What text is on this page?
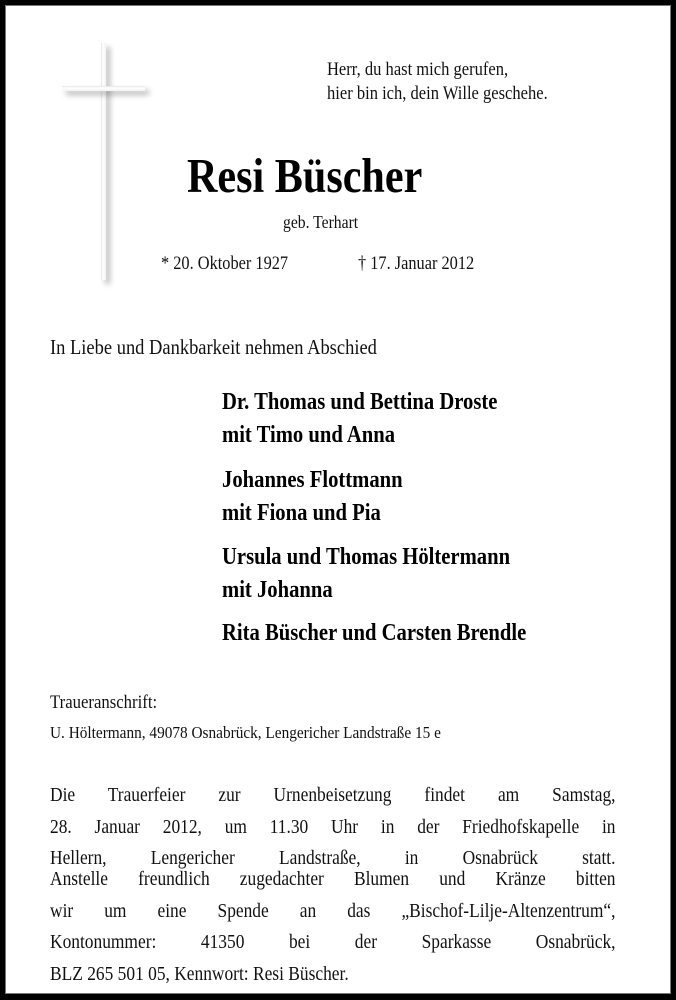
Herr, du hast mich gerufen,
hier bin ich, dein Wille geschehe.
Resi Büscher
geb. Terhart
* 20. Oktober 1927	† 17. Januar 2012
In Liebe und Dankbarkeit nehmen Abschied
Dr. Thomas und Bettina Droste
mit Timo und Anna
Johannes Flottmann
mit Fiona und Pia
Ursula und Thomas Höltermann
mit Johanna
Rita Büscher und Carsten Brendle
Traueranschrift:
U. Höltermann, 49078 Osnabrück, Lengericher Landstraße 15 e
Die Trauerfeier zur Urnenbeisetzung findet am Samstag,
28. Januar 2012, um 11.30 Uhr in der Friedhofskapelle in
Hellern, Lengericher Landstraße, in Osnabrück statt.
Anstelle freundlich zugedachter Blumen und Kränze bitten
wir um eine Spende an das „Bischof-Lilje-Altenzentrum“,
Kontonummer: 41350 bei der Sparkasse Osnabrück,
BLZ 265 501 05, Kennwort: Resi Büscher.
